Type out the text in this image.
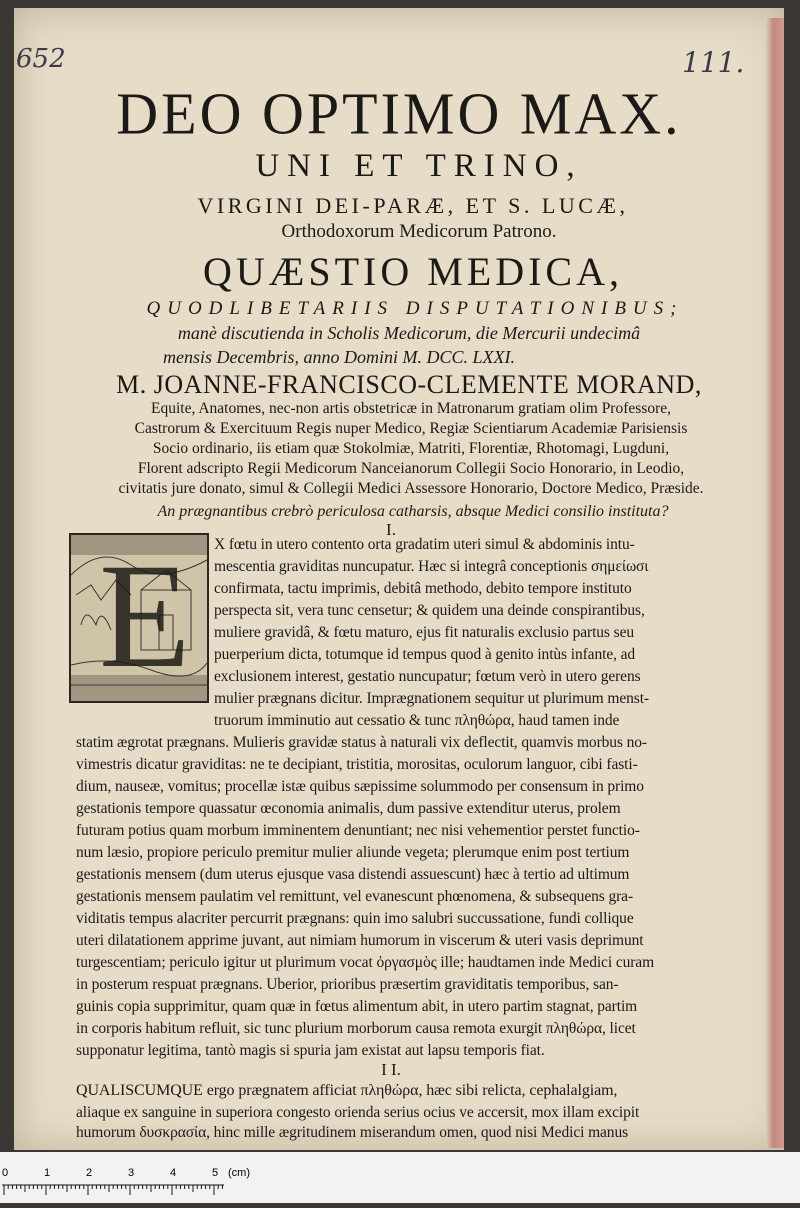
652	111.
DEO OPTIMO MAX.
UNI ET TRINO,
VIRGINI DEI-PARÆ, ET S. LUCÆ,
Orthodoxorum Medicorum Patrono.
QUÆSTIO MEDICA,
QUODLIBETARIIS DISPUTATIONIBUS;
manè discutienda in Scholis Medicorum, die Mercurii undecimâ
mensis Decembris, anno Domini M. DCC. LXXI.
M. JOANNE-FRANCISCO-CLEMENTE MORAND,
Equite, Anatomes, nec-non artis obstetricæ in Matronarum gratiam olim Professore,
Castrorum & Exercituum Regis nuper Medico, Regiæ Scientiarum Academiæ Parisiensis
Socio ordinario, iis etiam quæ Stokolmiæ, Matriti, Florentiæ, Rhotomagi, Lugduni,
Florent adscripto Regii Medicorum Nanceianorum Collegii Socio Honorario, in Leodio,
civitatis jure donato, simul & Collegii Medici Assessore Honorario, Doctore Medico, Præside.
An prægnantibus crebrò periculosa catharsis, absque Medici consilio instituta?
I.
E X fœtu in utero contento orta gradatim uteri simul & abdominis intu-
mescentia graviditas nuncupatur. Hæc si integrâ conceptionis σημείωσι
confirmata, tactu imprimis, debitâ methodo, debito tempore instituto
perspecta sit, vera tunc censetur; & quidem una deinde conspirantibus,
muliere gravidâ, & fœtu maturo, ejus fit naturalis exclusio partus seu
puerperium dicta, totumque id tempus quod à genito intùs infante, ad
exclusionem interest, gestatio nuncupatur; fœtum verò in utero gerens
mulier prægnans dicitur. Imprægnationem sequitur ut plurimum menst-
truorum imminutio aut cessatio & tunc πληθώρα, haud tamen inde
statim ægrotat prægnans. Mulieris gravidæ status à naturali vix deflectit, quamvis morbus no-
vimestris dicatur graviditas: ne te decipiant, tristitia, morositas, oculorum languor, cibi fasti-
dium, nauseæ, vomitus; procellæ istæ quibus sæpissime solummodo per consensum in primo
gestationis tempore quassatur œconomia animalis, dum passive extenditur uterus, prolem
futuram potius quam morbum imminentem denuntiant; nec nisi vehementior perstet functio-
num læsio, propiore periculo premitur mulier aliunde vegeta; plerumque enim post tertium
gestationis mensem (dum uterus ejusque vasa distendi assuescunt) hæc à tertio ad ultimum
gestationis mensem paulatim vel remittunt, vel evanescunt phœnomena, & subsequens gra-
viditatis tempus alacriter percurrit prægnans: quin imo salubri succussatione, fundi collique
uteri dilatationem apprime juvant, aut nimiam humorum in viscerum & uteri vasis deprimunt
turgescentiam; periculo igitur ut plurimum vocat ὀργασμὸς ille; haudtamen inde Medici curam
in posterum respuat prægnans. Uberior, prioribus præsertim graviditatis temporibus, san-
guinis copia supprimitur, quam quæ in fœtus alimentum abit, in utero partim stagnat, partim
in corporis habitum refluit, sic tunc plurium morborum causa remota exurgit πληθώρα, licet
supponatur legitima, tantò magis si spuria jam existat aut lapsu temporis fiat.
I I.
QUALISCUMQUE ergo prægnatem afficiat πληθώρα, hæc sibi relicta, cephalalgiam,
aliaque ex sanguine in superiora congesto orienda serius ocius ve accersit, mox illam excipit
humorum δυσκρασία, hinc mille ægritudinem miserandum omen, quod nisi Medici manus
0	1	2	3	4	5 (cm)
